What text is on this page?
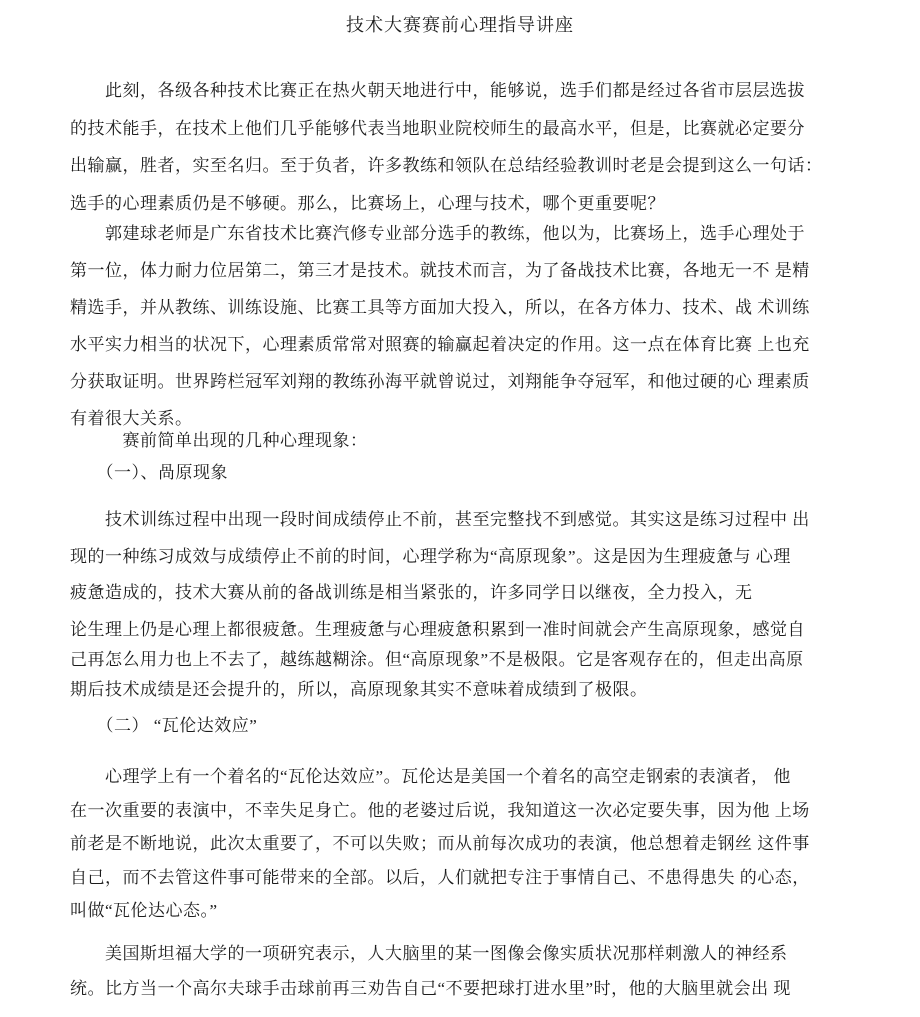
技术大赛赛前心理指导讲座
　　此刻，各级各种技术比赛正在热火朝天地进行中，能够说，选手们都是经过各省市层层选拔
的技术能手，在技术上他们几乎能够代表当地职业院校师生的最高水平，但是，比赛就必定要分
出输赢，胜者，实至名归。至于负者，许多教练和领队在总结经验教训时老是会提到这么一句话：
选手的心理素质仍是不够硬。那么，比赛场上，心理与技术，哪个更重要呢？
　　郭建球老师是广东省技术比赛汽修专业部分选手的教练，他以为，比赛场上，选手心理处于
第一位，体力耐力位居第二，第三才是技术。就技术而言，为了备战技术比赛，各地无一不 是精
精选手，并从教练、训练设施、比赛工具等方面加大投入，所以，在各方体力、技术、战 术训练
水平实力相当的状况下，心理素质常常对照赛的输赢起着决定的作用。这一点在体育比赛 上也充
分获取证明。世界跨栏冠军刘翔的教练孙海平就曾说过，刘翔能争夺冠军，和他过硬的心 理素质
有着很大关系。
　　　赛前简单出现的几种心理现象：
　　（一）、咼原现象
　　技术训练过程中出现一段时间成绩停止不前，甚至完整找不到感觉。其实这是练习过程中 出
现的一种练习成效与成绩停止不前的时间，心理学称为“高原现象”。这是因为生理疲惫与 心理
疲惫造成的，技术大赛从前的备战训练是相当紧张的，许多同学日以继夜，全力投入，无
论生理上仍是心理上都很疲惫。生理疲惫与心理疲惫积累到一准时间就会产生高原现象，感觉自
己再怎么用力也上不去了，越练越糊涂。但“高原现象”不是极限。它是客观存在的，但走出高原
期后技术成绩是还会提升的，所以，高原现象其实不意味着成绩到了极限。
　　（二） “瓦伦达效应”
　　心理学上有一个着名的“瓦伦达效应”。瓦伦达是美国一个着名的高空走钢索的表演者， 他
在一次重要的表演中，不幸失足身亡。他的老婆过后说，我知道这一次必定要失事，因为他 上场
前老是不断地说，此次太重要了，不可以失败；而从前每次成功的表演，他总想着走钢丝 这件事
自己，而不去管这件事可能带来的全部。以后，人们就把专注于事情自己、不患得患失 的心态，
叫做“瓦伦达心态。”
　　美国斯坦福大学的一项研究表示，人大脑里的某一图像会像实质状况那样刺激人的神经系
统。比方当一个高尔夫球手击球前再三劝告自己“不要把球打进水里”时，他的大脑里就会出 现
